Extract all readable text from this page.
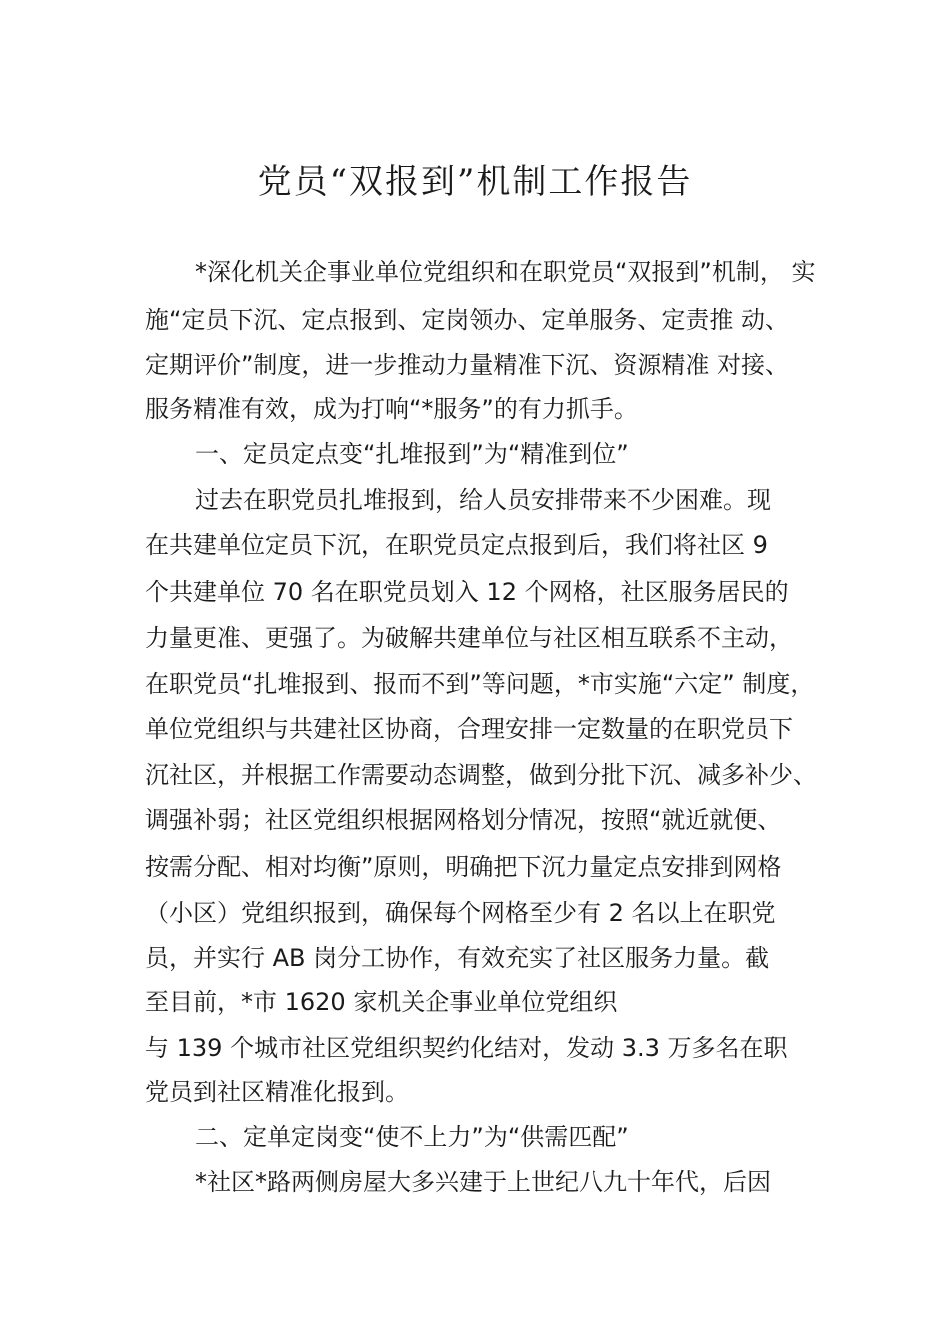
党员“双报到”机制工作报告
*深化机关企事业单位党组织和在职党员“双报到”机制， 实
施“定员下沉、定点报到、定岗领办、定单服务、定责推 动、
定期评价”制度，进一步推动力量精准下沉、资源精准 对接、
服务精准有效，成为打响“*服务”的有力抓手。
一、定员定点变“扎堆报到”为“精准到位”
过去在职党员扎堆报到，给人员安排带来不少困难。现
在共建单位定员下沉，在职党员定点报到后，我们将社区 9
个共建单位 70 名在职党员划入 12 个网格，社区服务居民的
力量更准、更强了。为破解共建单位与社区相互联系不主动，
在职党员“扎堆报到、报而不到”等问题，*市实施“六定” 制度，
单位党组织与共建社区协商，合理安排一定数量的在职党员下
沉社区，并根据工作需要动态调整，做到分批下沉、减多补少、
调强补弱；社区党组织根据网格划分情况，按照“就近就便、
按需分配、相对均衡”原则，明确把下沉力量定点安排到网格
（小区）党组织报到，确保每个网格至少有 2 名以上在职党
员，并实行 AB 岗分工协作，有效充实了社区服务力量。截
至目前，*市 1620 家机关企事业单位党组织
与 139 个城市社区党组织契约化结对，发动 3.3 万多名在职
党员到社区精准化报到。
二、定单定岗变“使不上力”为“供需匹配”
*社区*路两侧房屋大多兴建于上世纪八九十年代，后因
